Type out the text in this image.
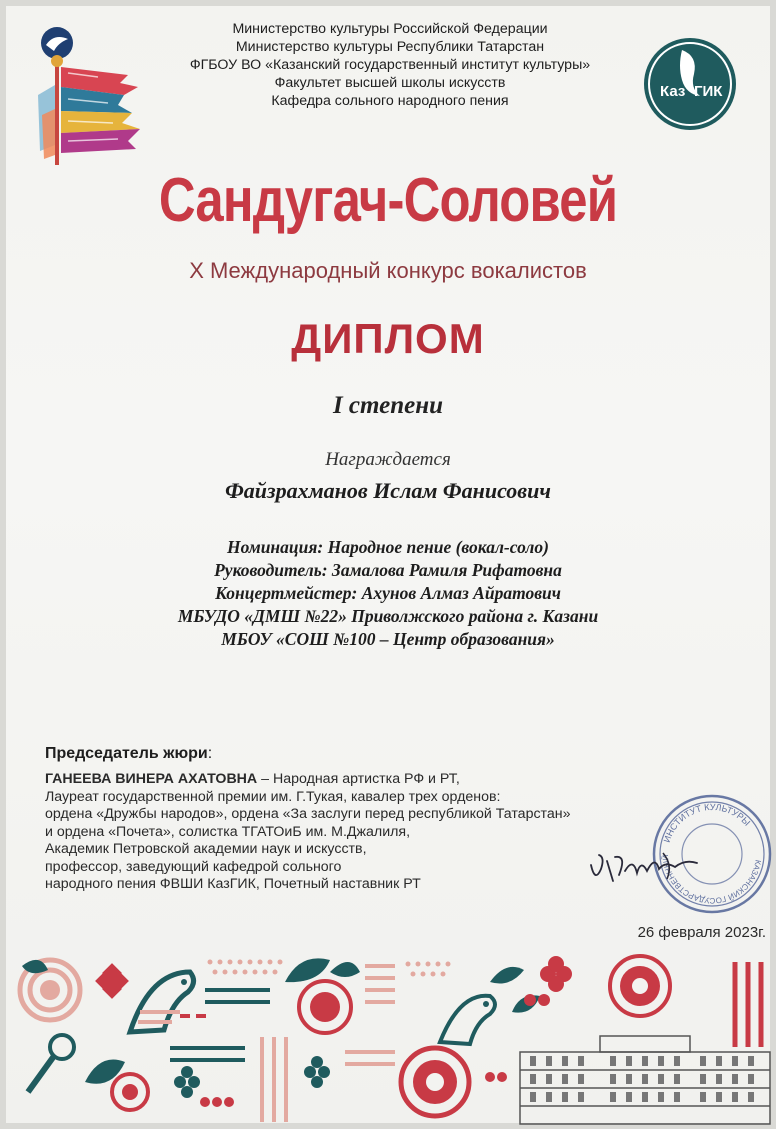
Министерство культуры Российской Федерации
Министерство культуры Республики Татарстан
ФГБОУ ВО «Казанский государственный институт культуры»
Факультет высшей школы искусств
Кафедра сольного народного пения
Каз ГИК
Сандугач-Соловей
X Международный конкурс вокалистов
ДИПЛОМ
I степени
Награждается
Файзрахманов Ислам Фанисович
Номинация: Народное пение (вокал-соло)
Руководитель: Замалова Рамиля Рифатовна
Концертмейстер: Ахунов Алмаз Айратович
МБУДО «ДМШ №22» Приволжского района г. Казани
МБОУ «СОШ №100 – Центр образования»
Председатель жюри:
ГАНЕЕВА ВИНЕРА АХАТОВНА – Народная артистка РФ и РТ,
Лауреат государственной премии им. Г.Тукая, кавалер трех орденов:
ордена «Дружбы народов», ордена «За заслуги перед республикой Татарстан»
и ордена «Почета», солистка ТГАТОиБ им. М.Джалиля,
Академик Петровской академии наук и искусств,
профессор, заведующий кафедрой сольного
народного пения ФВШИ КазГИК, Почетный наставник РТ
ИНСТИТУТ КУЛЬТУРЫ
КАЗАНСКИЙ ГОСУДАРСТВЕННЫЙ
26 февраля 2023г.
